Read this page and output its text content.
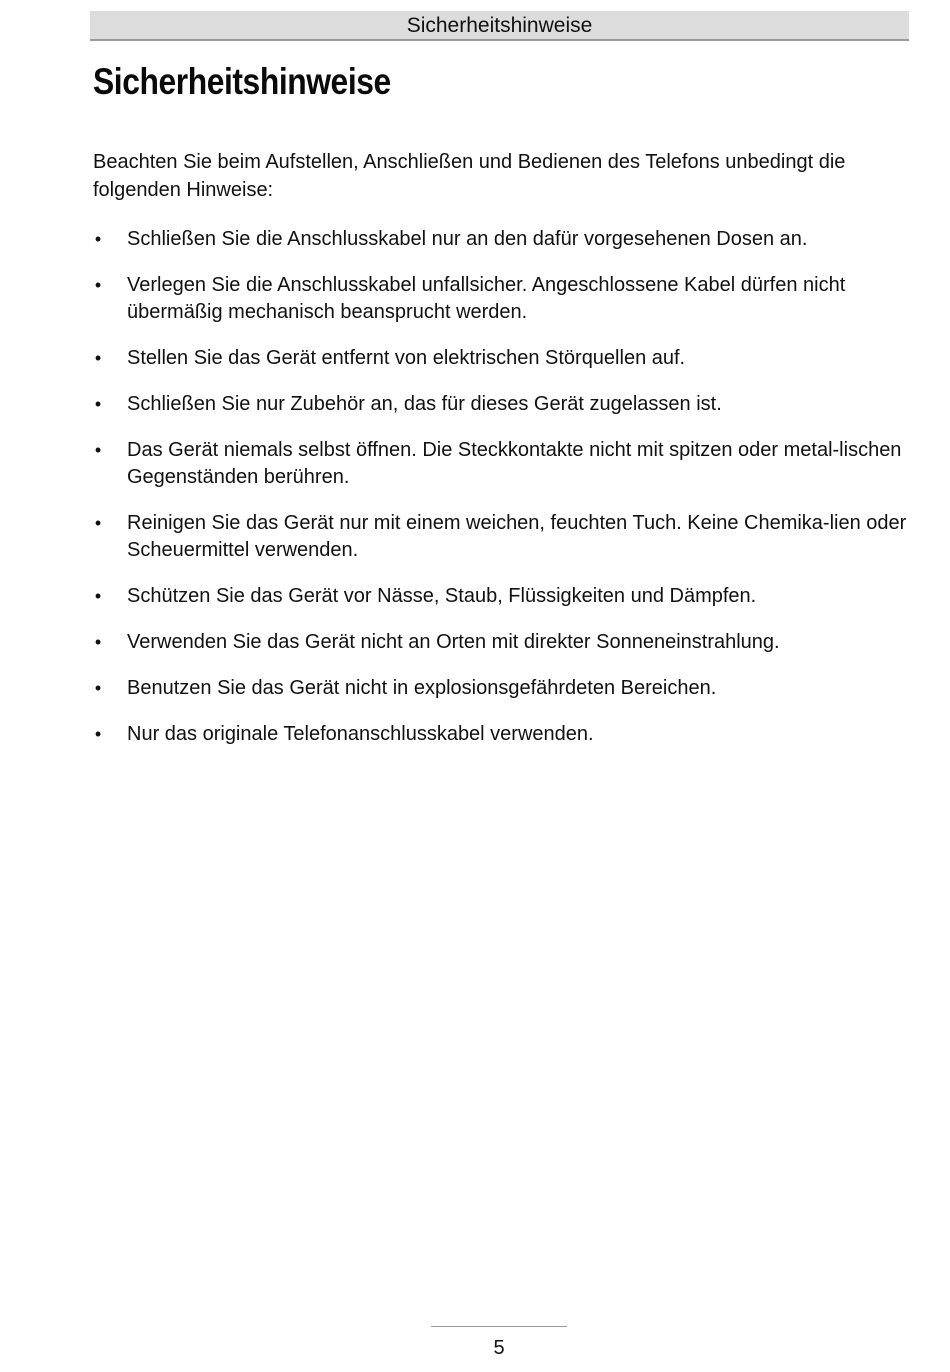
Sicherheitshinweise
Sicherheitshinweise

Beachten Sie beim Aufstellen, Anschließen und Bedienen des Telefons unbedingt die folgenden Hinweise:

• Schließen Sie die Anschlusskabel nur an den dafür vorgesehenen Dosen an.
• Verlegen Sie die Anschlusskabel unfallsicher. Angeschlossene Kabel dürfen nicht übermäßig mechanisch beansprucht werden.
• Stellen Sie das Gerät entfernt von elektrischen Störquellen auf.
• Schließen Sie nur Zubehör an, das für dieses Gerät zugelassen ist.
• Das Gerät niemals selbst öffnen. Die Steckkontakte nicht mit spitzen oder metal-lischen Gegenständen berühren.
• Reinigen Sie das Gerät nur mit einem weichen, feuchten Tuch. Keine Chemika-lien oder Scheuermittel verwenden.
• Schützen Sie das Gerät vor Nässe, Staub, Flüssigkeiten und Dämpfen.
• Verwenden Sie das Gerät nicht an Orten mit direkter Sonneneinstrahlung.
• Benutzen Sie das Gerät nicht in explosionsgefährdeten Bereichen.
• Nur das originale Telefonanschlusskabel verwenden.
5
